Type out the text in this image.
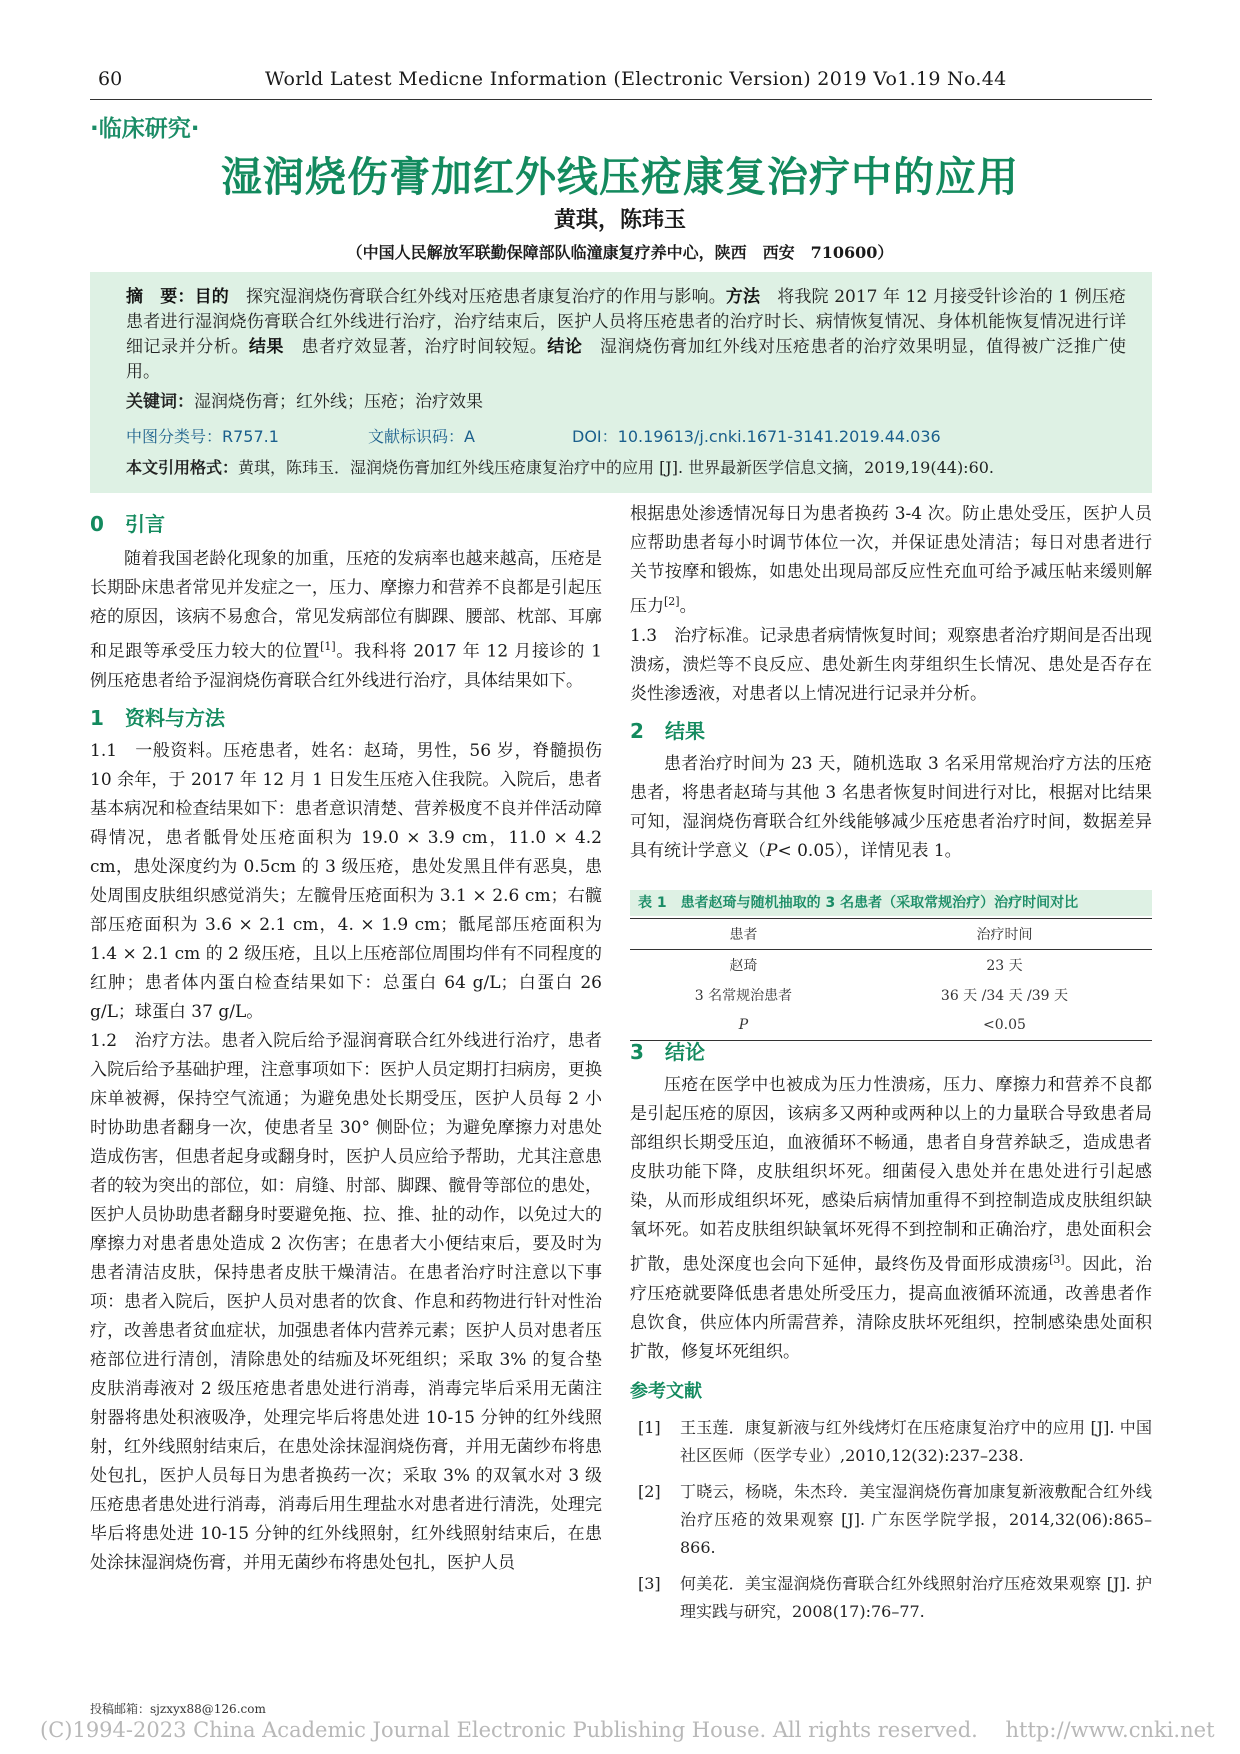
60	World Latest Medicne Information (Electronic Version) 2019 Vo1.19 No.44
·临床研究·
湿润烧伤膏加红外线压疮康复治疗中的应用
黄琪，陈玮玉
（中国人民解放军联勤保障部队临潼康复疗养中心，陕西　西安　710600）
摘　要：目的　 探究湿润烧伤膏联合红外线对压疮患者康复治疗的作用与影响。方法　 将我院 2017 年 12 月接受针诊治的 1 例压疮患者进行湿润烧伤膏联合红外线进行治疗，治疗结束后，医护人员将压疮患者的治疗时长、病情恢复情况、身体机能恢复情况进行详细记录并分析。结果　 患者疗效显著，治疗时间较短。结论　 湿润烧伤膏加红外线对压疮患者的治疗效果明显，值得被广泛推广使用。
关键词：湿润烧伤膏；红外线；压疮；治疗效果
中图分类号：R757.1	文献标识码：A	DOI：10.19613/j.cnki.1671-3141.2019.44.036
本文引用格式：黄琪，陈玮玉．湿润烧伤膏加红外线压疮康复治疗中的应用 [J]. 世界最新医学信息文摘，2019,19(44):60.
0 引言

随着我国老龄化现象的加重，压疮的发病率也越来越高，压疮是长期卧床患者常见并发症之一，压力、摩擦力和营养不良都是引起压疮的原因，该病不易愈合，常见发病部位有脚踝、腰部、枕部、耳廓和足跟等承受压力较大的位置[1]。我科将 2017 年 12 月接诊的 1 例压疮患者给予湿润烧伤膏联合红外线进行治疗，具体结果如下。

1 资料与方法

1.1　一般资料。压疮患者，姓名：赵琦，男性，56 岁，脊髓损伤 10 余年，于 2017 年 12 月 1 日发生压疮入住我院。入院后，患者基本病况和检查结果如下：患者意识清楚、营养极度不良并伴活动障碍情况，患者骶骨处压疮面积为 19.0 × 3.9 cm，11.0 × 4.2 cm，患处深度约为 0.5cm 的 3 级压疮，患处发黑且伴有恶臭，患处周围皮肤组织感觉消失；左髋骨压疮面积为 3.1 × 2.6 cm；右髋部压疮面积为 3.6 × 2.1 cm，4. × 1.9 cm；骶尾部压疮面积为 1.4 × 2.1 cm 的 2 级压疮，且以上压疮部位周围均伴有不同程度的红肿；患者体内蛋白检查结果如下：总蛋白 64 g/L；白蛋白 26 g/L；球蛋白 37 g/L。

1.2　治疗方法。患者入院后给予湿润膏联合红外线进行治疗，患者入院后给予基础护理，注意事项如下：医护人员定期打扫病房，更换床单被褥，保持空气流通；为避免患处长期受压，医护人员每 2 小时协助患者翻身一次，使患者呈 30° 侧卧位；为避免摩擦力对患处造成伤害，但患者起身或翻身时，医护人员应给予帮助，尤其注意患者的较为突出的部位，如：肩缝、肘部、脚踝、髋骨等部位的患处，医护人员协助患者翻身时要避免拖、拉、推、扯的动作，以免过大的摩擦力对患者患处造成 2 次伤害；在患者大小便结束后，要及时为患者清洁皮肤，保持患者皮肤干燥清洁。在患者治疗时注意以下事项：患者入院后，医护人员对患者的饮食、作息和药物进行针对性治疗，改善患者贫血症状，加强患者体内营养元素；医护人员对患者压疮部位进行清创，清除患处的结痂及坏死组织；采取 3% 的复合垫皮肤消毒液对 2 级压疮患者患处进行消毒，消毒完毕后采用无菌注射器将患处积液吸净，处理完毕后将患处进 10-15 分钟的红外线照射，红外线照射结束后，在患处涂抹湿润烧伤膏，并用无菌纱布将患处包扎，医护人员每日为患者换药一次；采取 3% 的双氧水对 3 级压疮患者患处进行消毒，消毒后用生理盐水对患者进行清洗，处理完毕后将患处进 10-15 分钟的红外线照射，红外线照射结束后，在患处涂抹湿润烧伤膏，并用无菌纱布将患处包扎，医护人员

根据患处渗透情况每日为患者换药 3-4 次。防止患处受压，医护人员应帮助患者每小时调节体位一次，并保证患处清洁；每日对患者进行关节按摩和锻炼，如患处出现局部反应性充血可给予减压帖来缓则解压力[2]。

1.3　治疗标准。记录患者病情恢复时间；观察患者治疗期间是否出现溃疡，溃烂等不良反应、患处新生肉芽组织生长情况、患处是否存在炎性渗透液，对患者以上情况进行记录并分析。

2 结果

患者治疗时间为 23 天，随机选取 3 名采用常规治疗方法的压疮患者，将患者赵琦与其他 3 名患者恢复时间进行对比，根据对比结果可知，湿润烧伤膏联合红外线能够减少压疮患者治疗时间，数据差异具有统计学意义（P< 0.05），详情见表 1。

表 1　患者赵琦与随机抽取的 3 名患者（采取常规治疗）治疗时间对比
患者	治疗时间
赵琦	23 天
3 名常规治患者	36 天 /34 天 /39 天
P	<0.05
3 结论

压疮在医学中也被成为压力性溃疡，压力、摩擦力和营养不良都是引起压疮的原因，该病多又两种或两种以上的力量联合导致患者局部组织长期受压迫，血液循环不畅通，患者自身营养缺乏，造成患者皮肤功能下降，皮肤组织坏死。细菌侵入患处并在患处进行引起感染，从而形成组织坏死，感染后病情加重得不到控制造成皮肤组织缺氧坏死。如若皮肤组织缺氧坏死得不到控制和正确治疗，患处面积会扩散，患处深度也会向下延伸，最终伤及骨面形成溃疡[3]。因此，治疗压疮就要降低患者患处所受压力，提高血液循环流通，改善患者作息饮食，供应体内所需营养，清除皮肤坏死组织，控制感染患处面积扩散，修复坏死组织。

参考文献
[1] 王玉莲．康复新液与红外线烤灯在压疮康复治疗中的应用 [J]. 中国社区医师（医学专业）,2010,12(32):237–238.
[2] 丁晓云，杨晓，朱杰玲．美宝湿润烧伤膏加康复新液敷配合红外线治疗压疮的效果观察 [J]. 广东医学院学报，2014,32(06):865–866.
[3] 何美花．美宝湿润烧伤膏联合红外线照射治疗压疮效果观察 [J]. 护理实践与研究，2008(17):76–77.
投稿邮箱：sjzxyx88@126.com
(C)1994-2023 China Academic Journal Electronic Publishing House. All rights reserved.　 http://www.cnki.net
